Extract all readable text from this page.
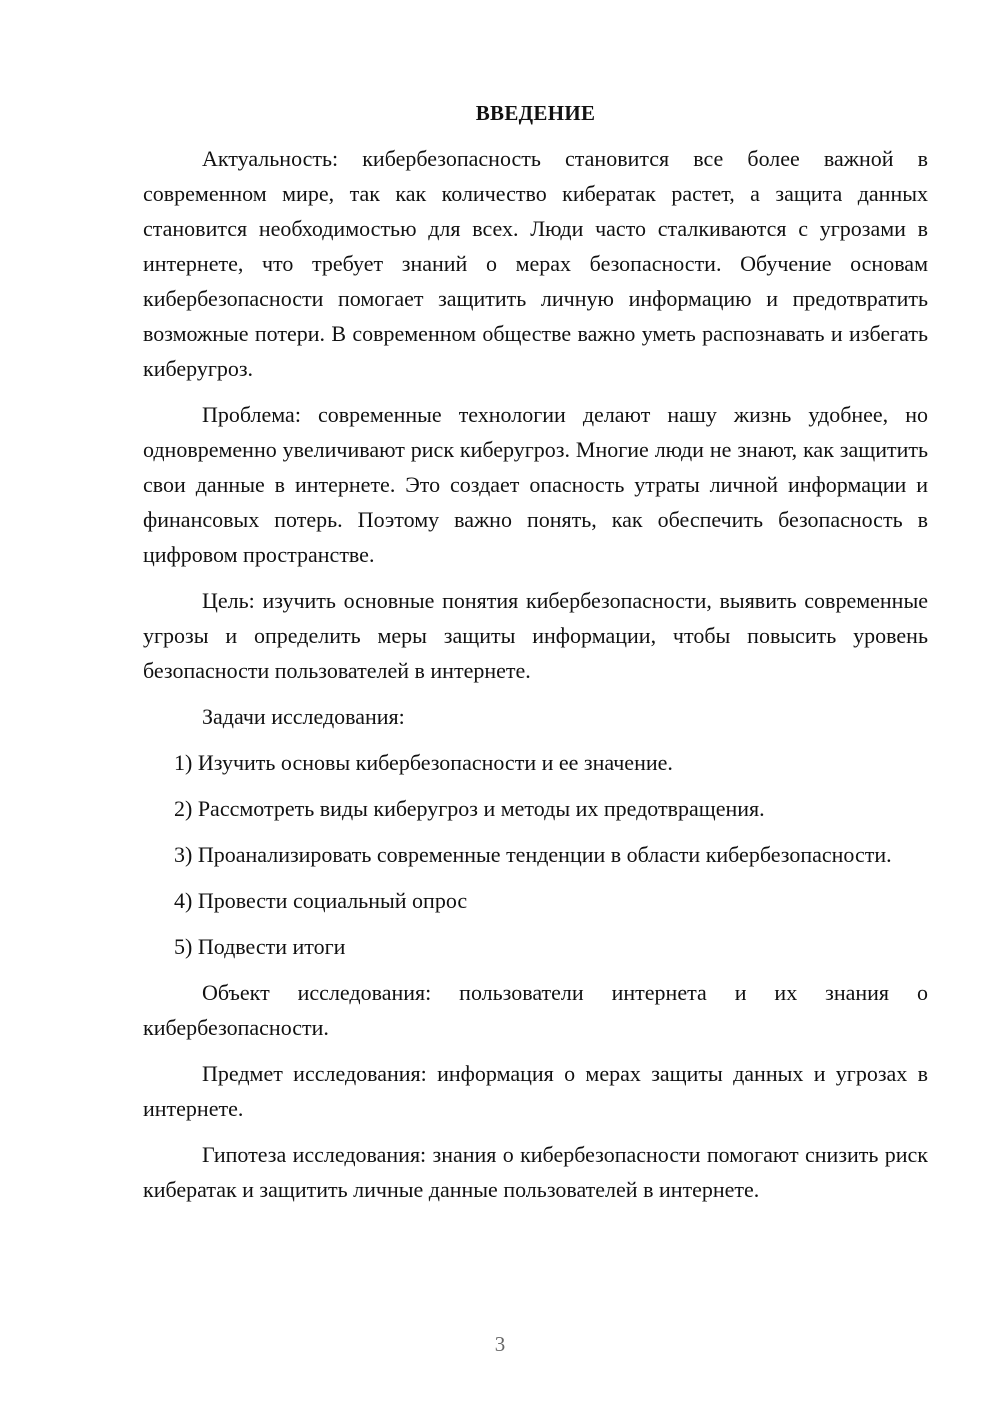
ВВЕДЕНИЕ

Актуальность: кибербезопасность становится все более важной в современном мире, так как количество кибератак растет, а защита данных становится необходимостью для всех. Люди часто сталкиваются с угрозами в интернете, что требует знаний о мерах безопасности. Обучение основам кибербезопасности помогает защитить личную информацию и предотвратить возможные потери. В современном обществе важно уметь распознавать и избегать киберугроз.

Проблема: современные технологии делают нашу жизнь удобнее, но одновременно увеличивают риск киберугроз. Многие люди не знают, как защитить свои данные в интернете. Это создает опасность утраты личной информации и финансовых потерь. Поэтому важно понять, как обеспечить безопасность в цифровом пространстве.

Цель: изучить основные понятия кибербезопасности, выявить современные угрозы и определить меры защиты информации, чтобы повысить уровень безопасности пользователей в интернете.

Задачи исследования:

1) Изучить основы кибербезопасности и ее значение.

2) Рассмотреть виды киберугроз и методы их предотвращения.

3) Проанализировать современные тенденции в области кибербезопасности.

4) Провести социальный опрос

5) Подвести итоги

Объект исследования: пользователи интернета и их знания о кибербезопасности.

Предмет исследования: информация о мерах защиты данных и угрозах в интернете.

Гипотеза исследования: знания о кибербезопасности помогают снизить риск кибератак и защитить личные данные пользователей в интернете.

3
